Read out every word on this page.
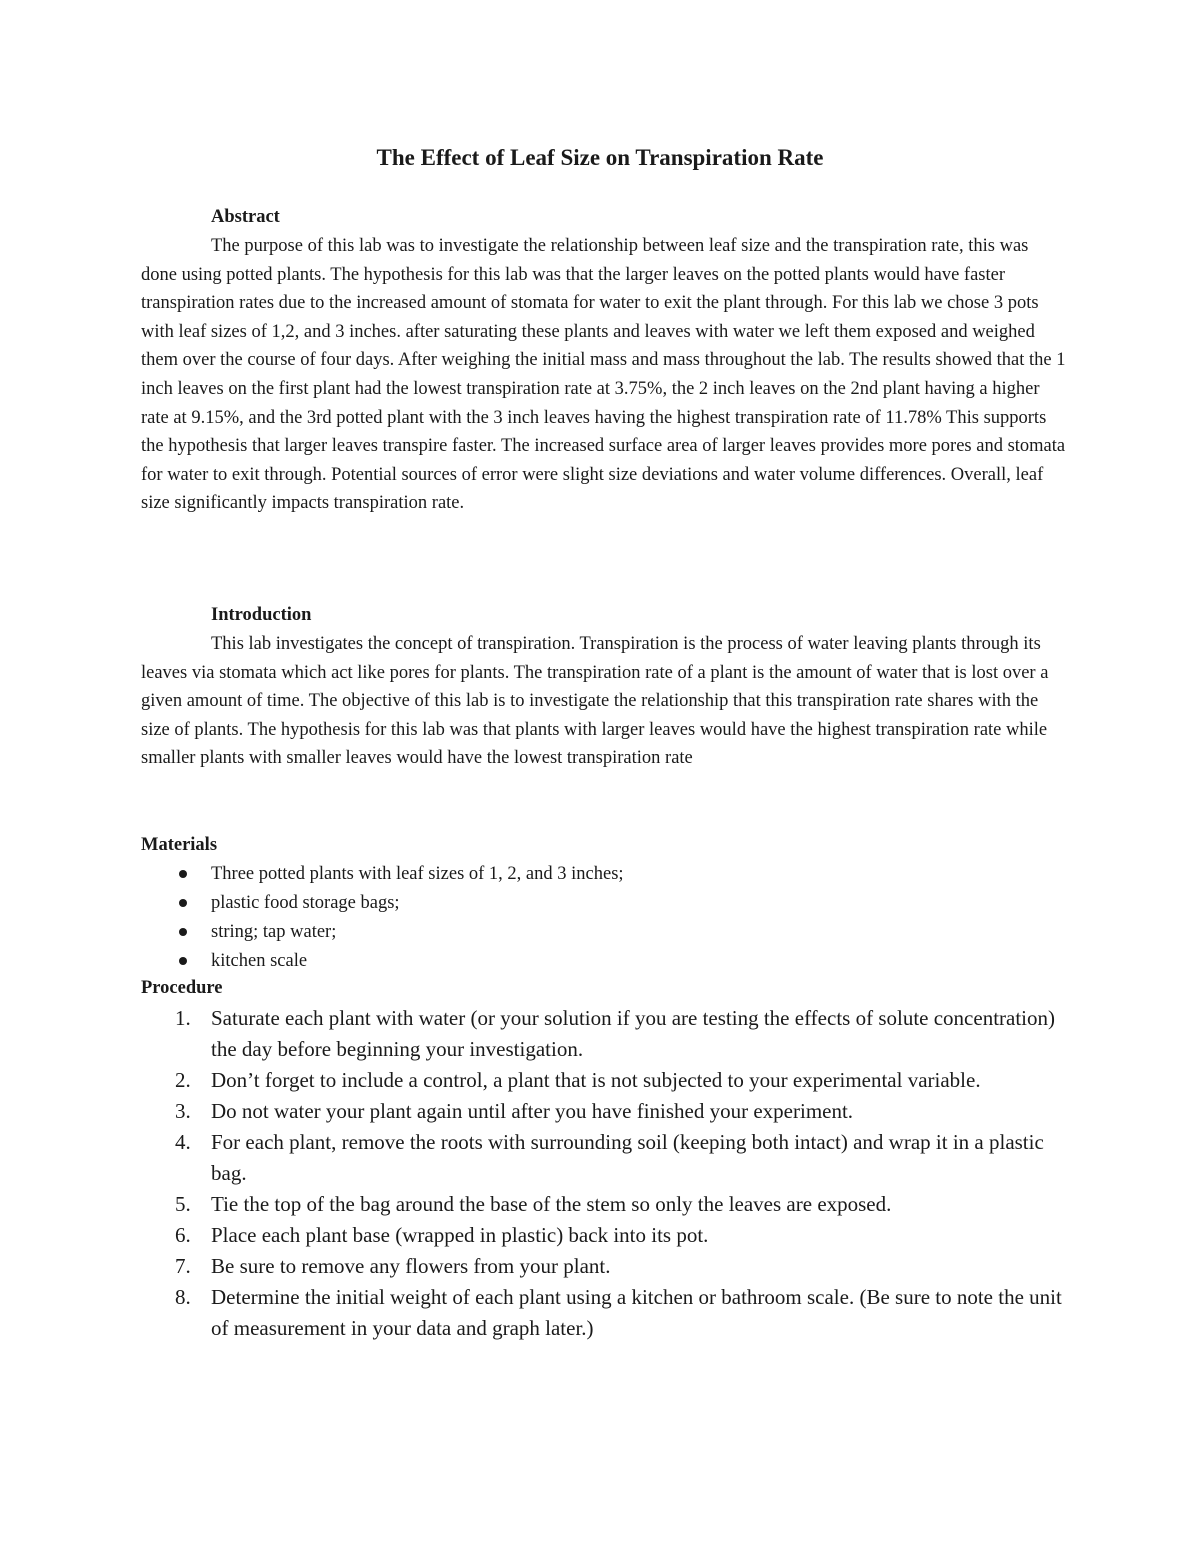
The Effect of Leaf Size on Transpiration Rate
Abstract

The purpose of this lab was to investigate the relationship between leaf size and the transpiration rate, this was done using potted plants. The hypothesis for this lab was that the larger leaves on the potted plants would have faster transpiration rates due to the increased amount of stomata for water to exit the plant through. For this lab we chose 3 pots with leaf sizes of 1,2, and 3 inches. after saturating these plants and leaves with water we left them exposed and weighed them over the course of four days. After weighing the initial mass and mass throughout the lab. The results showed that the 1 inch leaves on the first plant had the lowest transpiration rate at 3.75%, the 2 inch leaves on the 2nd plant having a higher rate at 9.15%, and the 3rd potted plant with the 3 inch leaves having the highest transpiration rate of 11.78% This supports the hypothesis that larger leaves transpire faster. The increased surface area of larger leaves provides more pores and stomata for water to exit through. Potential sources of error were slight size deviations and water volume differences. Overall, leaf size significantly impacts transpiration rate.

Introduction

This lab investigates the concept of transpiration. Transpiration is the process of water leaving plants through its leaves via stomata which act like pores for plants. The transpiration rate of a plant is the amount of water that is lost over a given amount of time. The objective of this lab is to investigate the relationship that this transpiration rate shares with the size of plants. The hypothesis for this lab was that plants with larger leaves would have the highest transpiration rate while smaller plants with smaller leaves would have the lowest transpiration rate

Materials
Three potted plants with leaf sizes of 1, 2, and 3 inches;
plastic food storage bags;
string; tap water;
kitchen scale
Procedure
1. Saturate each plant with water (or your solution if you are testing the effects of solute concentration) the day before beginning your investigation.
2. Don’t forget to include a control, a plant that is not subjected to your experimental variable.
3. Do not water your plant again until after you have finished your experiment.
4. For each plant, remove the roots with surrounding soil (keeping both intact) and wrap it in a plastic bag.
5. Tie the top of the bag around the base of the stem so only the leaves are exposed.
6. Place each plant base (wrapped in plastic) back into its pot.
7. Be sure to remove any flowers from your plant.
8. Determine the initial weight of each plant using a kitchen or bathroom scale. (Be sure to note the unit of measurement in your data and graph later.)
